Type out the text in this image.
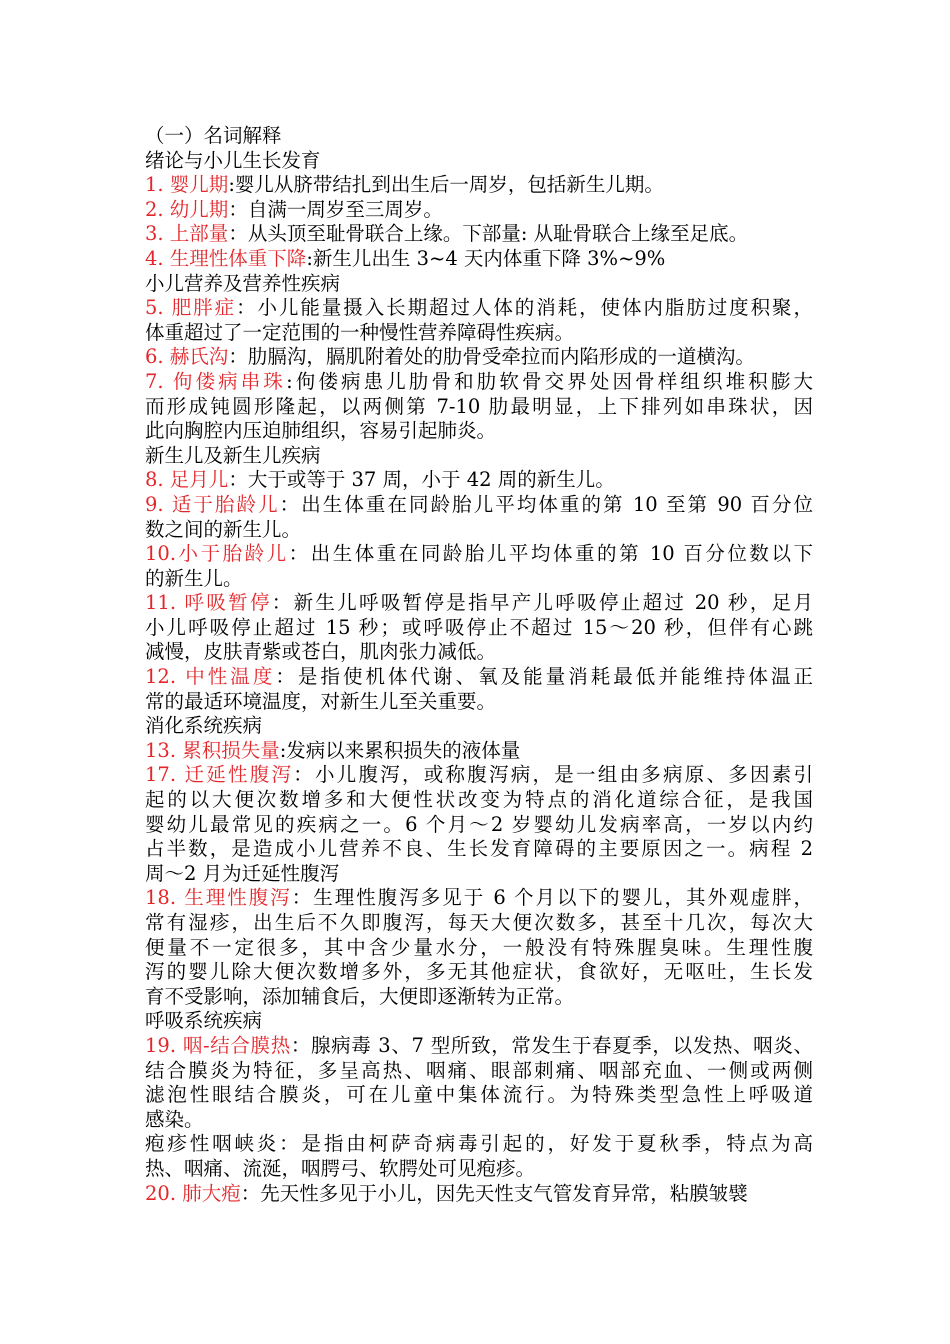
（一）名词解释
绪论与小儿生长发育
1. 婴儿期:婴儿从脐带结扎到出生后一周岁，包括新生儿期。
2. 幼儿期：自满一周岁至三周岁。
3. 上部量：从头顶至耻骨联合上缘。下部量: 从耻骨联合上缘至足底。
4. 生理性体重下降:新生儿出生 3~4 天内体重下降 3%~9%
小儿营养及营养性疾病
5. 肥胖症：小儿能量摄入长期超过人体的消耗，使体内脂肪过度积聚，
体重超过了一定范围的一种慢性营养障碍性疾病。
6. 赫氏沟：肋膈沟，膈肌附着处的肋骨受牵拉而内陷形成的一道横沟。
7. 佝偻病串珠:佝偻病患儿肋骨和肋软骨交界处因骨样组织堆积膨大
而形成钝圆形隆起，以两侧第 7-10 肋最明显，上下排列如串珠状，因
此向胸腔内压迫肺组织，容易引起肺炎。
新生儿及新生儿疾病
8. 足月儿：大于或等于 37 周，小于 42 周的新生儿。
9. 适于胎龄儿：出生体重在同龄胎儿平均体重的第 10 至第 90 百分位
数之间的新生儿。
10.小于胎龄儿：出生体重在同龄胎儿平均体重的第 10 百分位数以下
的新生儿。
11. 呼吸暂停：新生儿呼吸暂停是指早产儿呼吸停止超过 20 秒，足月
小儿呼吸停止超过 15 秒；或呼吸停止不超过 15～20 秒，但伴有心跳
减慢，皮肤青紫或苍白，肌肉张力减低。
12. 中性温度：是指使机体代谢、氧及能量消耗最低并能维持体温正
常的最适环境温度，对新生儿至关重要。
消化系统疾病
13. 累积损失量:发病以来累积损失的液体量
17. 迁延性腹泻：小儿腹泻，或称腹泻病，是一组由多病原、多因素引
起的以大便次数增多和大便性状改变为特点的消化道综合征，是我国
婴幼儿最常见的疾病之一。6 个月～2 岁婴幼儿发病率高，一岁以内约
占半数，是造成小儿营养不良、生长发育障碍的主要原因之一。病程 2
周～2 月为迁延性腹泻
18. 生理性腹泻：生理性腹泻多见于 6 个月以下的婴儿，其外观虚胖，
常有湿疹，出生后不久即腹泻，每天大便次数多，甚至十几次，每次大
便量不一定很多，其中含少量水分，一般没有特殊腥臭味。生理性腹
泻的婴儿除大便次数增多外，多无其他症状，食欲好，无呕吐，生长发
育不受影响，添加辅食后，大便即逐渐转为正常。
呼吸系统疾病
19. 咽-结合膜热：腺病毒 3、7 型所致，常发生于春夏季，以发热、咽炎、
结合膜炎为特征，多呈高热、咽痛、眼部刺痛、咽部充血、一侧或两侧
滤泡性眼结合膜炎，可在儿童中集体流行。为特殊类型急性上呼吸道
感染。
疱疹性咽峡炎：是指由柯萨奇病毒引起的，好发于夏秋季，特点为高
热、咽痛、流涎，咽腭弓、软腭处可见疱疹。
20. 肺大疱：先天性多见于小儿，因先天性支气管发育异常，粘膜皱襞
